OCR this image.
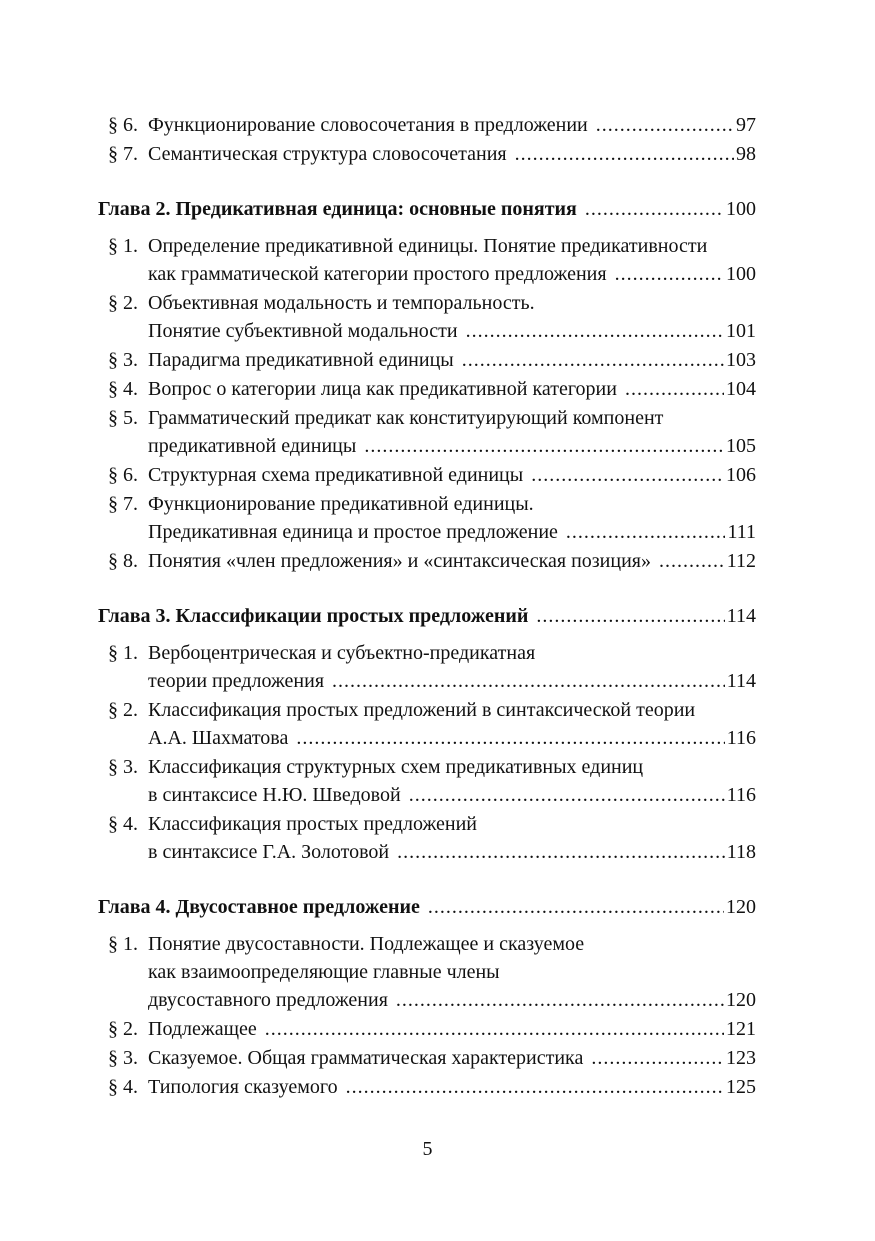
§ 6. Функционирование словосочетания в предложении .....	97
§ 7. Семантическая структура словосочетания .....	98
Глава 2. Предикативная единица: основные понятия .....	100
§ 1. Определение предикативной единицы. Понятие предикативности
как грамматической категории простого предложения .....	100
§ 2. Объективная модальность и темпоральность.
Понятие субъективной модальности .....	101
§ 3. Парадигма предикативной единицы .....	103
§ 4. Вопрос о категории лица как предикативной категории .....	104
§ 5. Грамматический предикат как конституирующий компонент
предикативной единицы .....	105
§ 6. Структурная схема предикативной единицы .....	106
§ 7. Функционирование предикативной единицы.
Предикативная единица и простое предложение .....	111
§ 8. Понятия «член предложения» и «синтаксическая позиция» .....	112
Глава 3. Классификации простых предложений .....	114
§ 1. Вербоцентрическая и субъектно-предикатная
теории предложения .....	114
§ 2. Классификация простых предложений в синтаксической теории
А.А. Шахматова .....	116
§ 3. Классификация структурных схем предикативных единиц
в синтаксисе Н.Ю. Шведовой .....	116
§ 4. Классификация простых предложений
в синтаксисе Г.А. Золотовой .....	118
Глава 4. Двусоставное предложение .....	120
§ 1. Понятие двусоставности. Подлежащее и сказуемое
как взаимоопределяющие главные члены
двусоставного предложения .....	120
§ 2. Подлежащее .....	121
§ 3. Сказуемое. Общая грамматическая характеристика .....	123
§ 4. Типология сказуемого .....	125
5
